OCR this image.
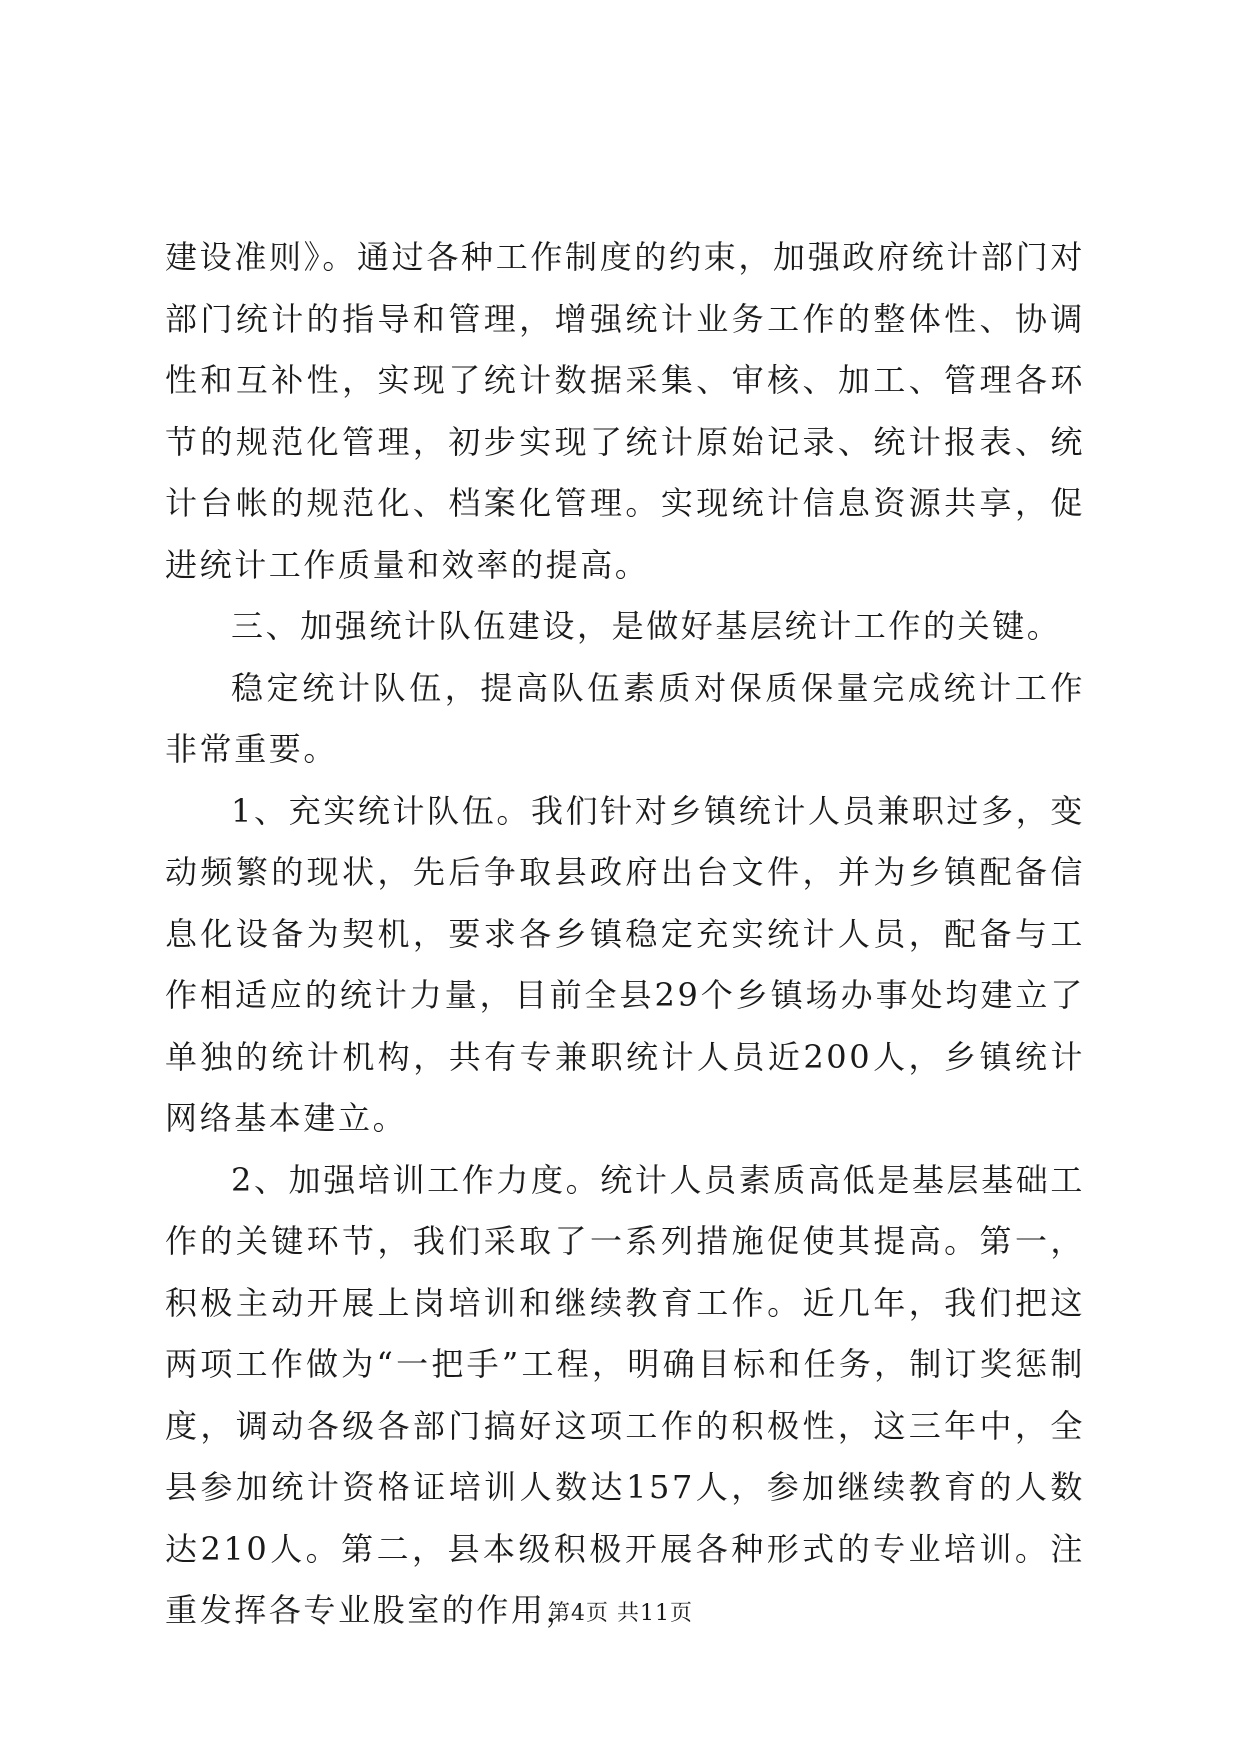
建设准则》。通过各种工作制度的约束，加强政府统计部门对部门统计的指导和管理，增强统计业务工作的整体性、协调性和互补性，实现了统计数据采集、审核、加工、管理各环节的规范化管理，初步实现了统计原始记录、统计报表、统计台帐的规范化、档案化管理。实现统计信息资源共享，促进统计工作质量和效率的提高。

三、加强统计队伍建设，是做好基层统计工作的关键。

稳定统计队伍，提高队伍素质对保质保量完成统计工作非常重要。

1、充实统计队伍。我们针对乡镇统计人员兼职过多，变动频繁的现状，先后争取县政府出台文件，并为乡镇配备信息化设备为契机，要求各乡镇稳定充实统计人员，配备与工作相适应的统计力量，目前全县29个乡镇场办事处均建立了单独的统计机构，共有专兼职统计人员近200人，乡镇统计网络基本建立。

2、加强培训工作力度。统计人员素质高低是基层基础工作的关键环节，我们采取了一系列措施促使其提高。第一，积极主动开展上岗培训和继续教育工作。近几年，我们把这两项工作做为“一把手”工程，明确目标和任务，制订奖惩制度，调动各级各部门搞好这项工作的积极性，这三年中，全县参加统计资格证培训人数达157人，参加继续教育的人数达210人。第二，县本级积极开展各种形式的专业培训。注重发挥各专业股室的作用，

第4页 共11页
